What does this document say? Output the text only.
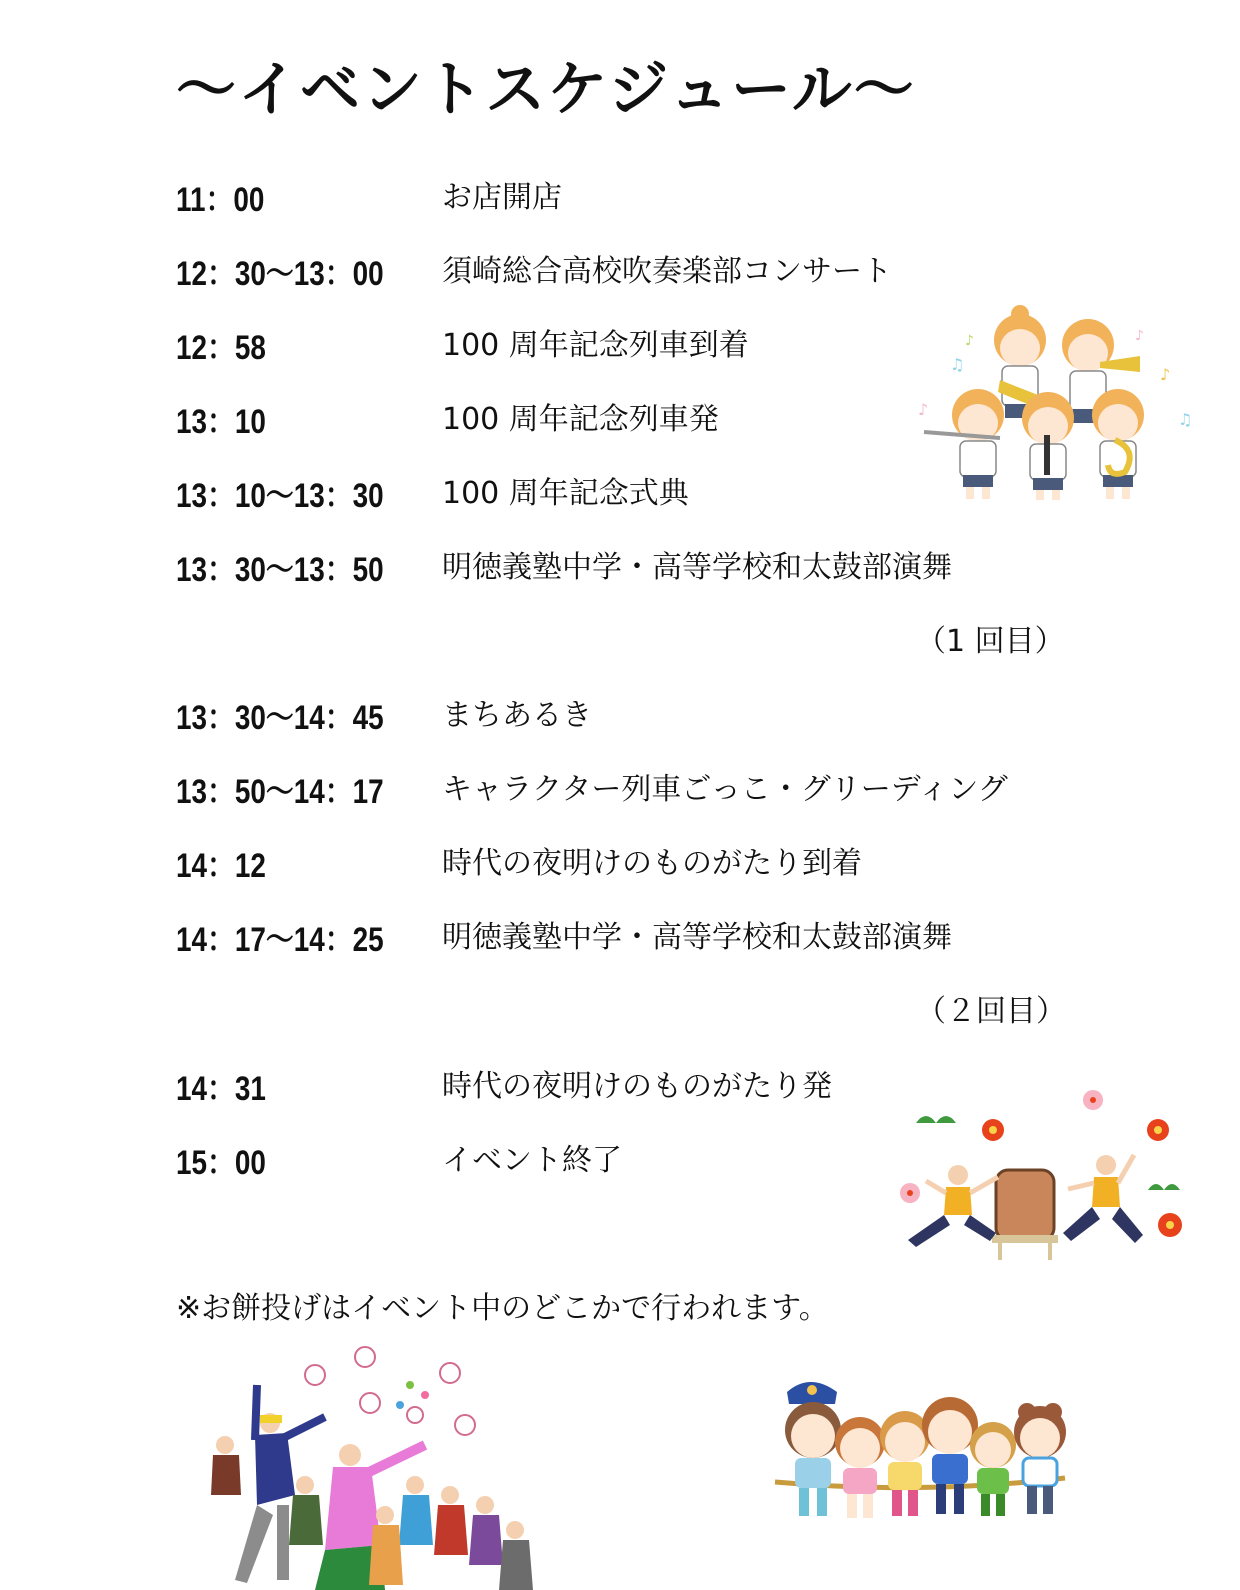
～イベントスケジュール～
11：00	お店開店
12：30～13：00 須崎総合高校吹奏楽部コンサート
12：58	100 周年記念列車到着
13：10	100 周年記念列車発
13：10～13：30 100 周年記念式典
13：30～13：50 明徳義塾中学・高等学校和太鼓部演舞
（1 回目）
13：30～14：45 まちあるき
13：50～14：17 キャラクター列車ごっこ・グリーディング
14：12	時代の夜明けのものがたり到着
14：17～14：25 明徳義塾中学・高等学校和太鼓部演舞
（２回目）
14：31	時代の夜明けのものがたり発
15：00	イベント終了
※お餅投げはイベント中のどこかで行われます。
♪
♫
♪
♪
♫
♪
